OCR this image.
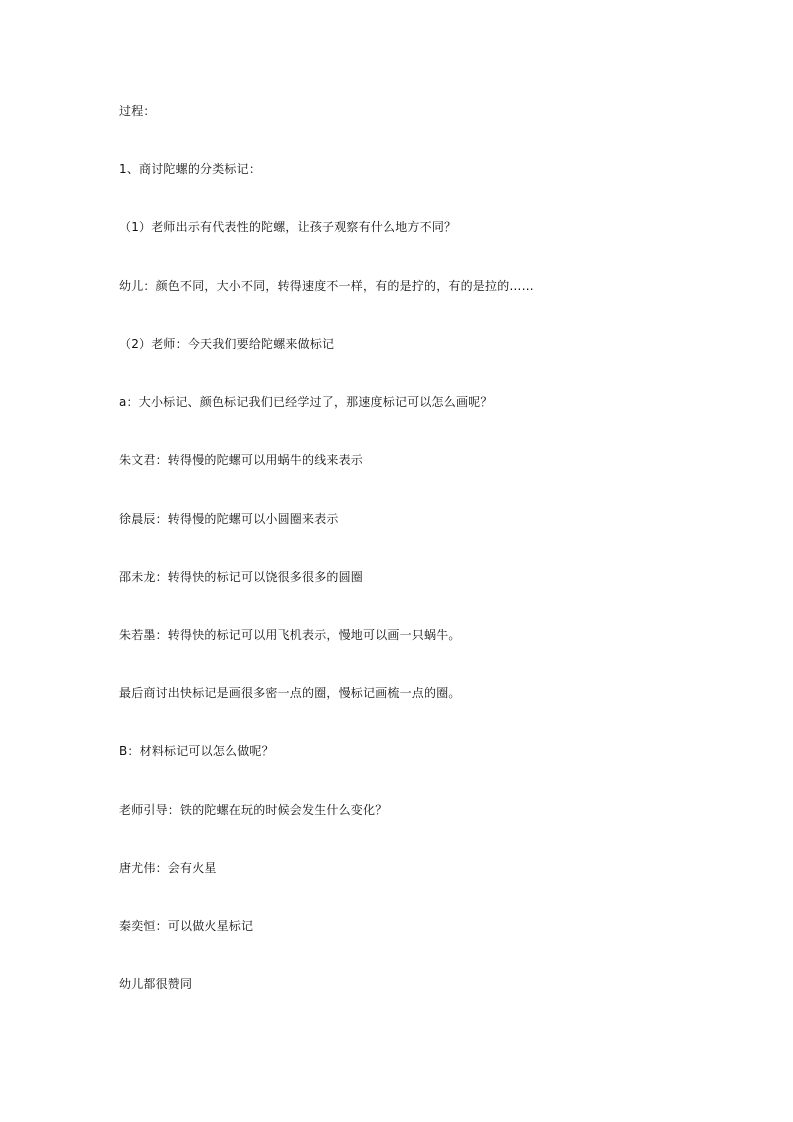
过程：
1、商讨陀螺的分类标记：
（1）老师出示有代表性的陀螺，让孩子观察有什么地方不同？
幼儿：颜色不同，大小不同，转得速度不一样，有的是拧的，有的是拉的……
（2）老师：今天我们要给陀螺来做标记
a：大小标记、颜色标记我们已经学过了，那速度标记可以怎么画呢？
朱文君：转得慢的陀螺可以用蜗牛的线来表示
徐晨辰：转得慢的陀螺可以小圆圈来表示
邵未龙：转得快的标记可以饶很多很多的圆圈
朱若墨：转得快的标记可以用飞机表示，慢地可以画一只蜗牛。
最后商讨出快标记是画很多密一点的圈，慢标记画梳一点的圈。
B：材料标记可以怎么做呢？
老师引导：铁的陀螺在玩的时候会发生什么变化？
唐尤伟：会有火星
秦奕恒：可以做火星标记
幼儿都很赞同
